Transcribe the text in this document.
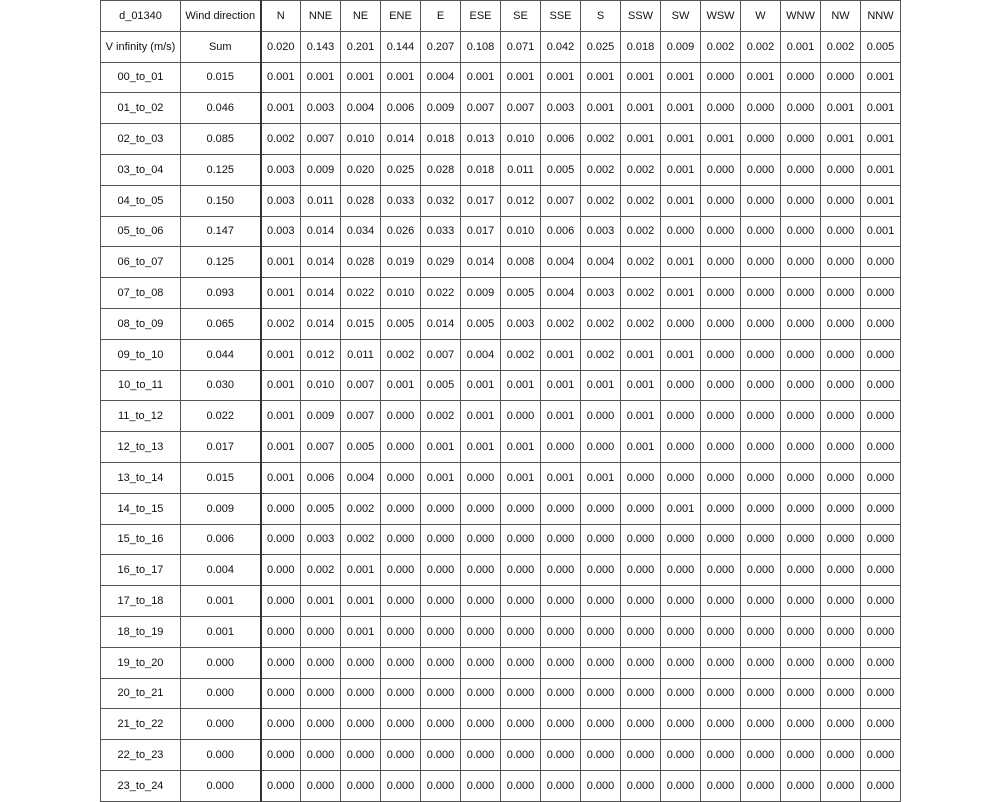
d_01340	Wind direction	N	NNE	NE	ENE	E	ESE	SE	SSE	S	SSW	SW	WSW	W	WNW	NW	NNW
V infinity (m/s)	Sum	0.020	0.143	0.201	0.144	0.207	0.108	0.071	0.042	0.025	0.018	0.009	0.002	0.002	0.001	0.002	0.005
00_to_01	0.015	0.001	0.001	0.001	0.001	0.004	0.001	0.001	0.001	0.001	0.001	0.001	0.000	0.001	0.000	0.000	0.001
01_to_02	0.046	0.001	0.003	0.004	0.006	0.009	0.007	0.007	0.003	0.001	0.001	0.001	0.000	0.000	0.000	0.001	0.001
02_to_03	0.085	0.002	0.007	0.010	0.014	0.018	0.013	0.010	0.006	0.002	0.001	0.001	0.001	0.000	0.000	0.001	0.001
03_to_04	0.125	0.003	0.009	0.020	0.025	0.028	0.018	0.011	0.005	0.002	0.002	0.001	0.000	0.000	0.000	0.000	0.001
04_to_05	0.150	0.003	0.011	0.028	0.033	0.032	0.017	0.012	0.007	0.002	0.002	0.001	0.000	0.000	0.000	0.000	0.001
05_to_06	0.147	0.003	0.014	0.034	0.026	0.033	0.017	0.010	0.006	0.003	0.002	0.000	0.000	0.000	0.000	0.000	0.001
06_to_07	0.125	0.001	0.014	0.028	0.019	0.029	0.014	0.008	0.004	0.004	0.002	0.001	0.000	0.000	0.000	0.000	0.000
07_to_08	0.093	0.001	0.014	0.022	0.010	0.022	0.009	0.005	0.004	0.003	0.002	0.001	0.000	0.000	0.000	0.000	0.000
08_to_09	0.065	0.002	0.014	0.015	0.005	0.014	0.005	0.003	0.002	0.002	0.002	0.000	0.000	0.000	0.000	0.000	0.000
09_to_10	0.044	0.001	0.012	0.011	0.002	0.007	0.004	0.002	0.001	0.002	0.001	0.001	0.000	0.000	0.000	0.000	0.000
10_to_11	0.030	0.001	0.010	0.007	0.001	0.005	0.001	0.001	0.001	0.001	0.001	0.000	0.000	0.000	0.000	0.000	0.000
11_to_12	0.022	0.001	0.009	0.007	0.000	0.002	0.001	0.000	0.001	0.000	0.001	0.000	0.000	0.000	0.000	0.000	0.000
12_to_13	0.017	0.001	0.007	0.005	0.000	0.001	0.001	0.001	0.000	0.000	0.001	0.000	0.000	0.000	0.000	0.000	0.000
13_to_14	0.015	0.001	0.006	0.004	0.000	0.001	0.000	0.001	0.001	0.001	0.000	0.000	0.000	0.000	0.000	0.000	0.000
14_to_15	0.009	0.000	0.005	0.002	0.000	0.000	0.000	0.000	0.000	0.000	0.000	0.001	0.000	0.000	0.000	0.000	0.000
15_to_16	0.006	0.000	0.003	0.002	0.000	0.000	0.000	0.000	0.000	0.000	0.000	0.000	0.000	0.000	0.000	0.000	0.000
16_to_17	0.004	0.000	0.002	0.001	0.000	0.000	0.000	0.000	0.000	0.000	0.000	0.000	0.000	0.000	0.000	0.000	0.000
17_to_18	0.001	0.000	0.001	0.001	0.000	0.000	0.000	0.000	0.000	0.000	0.000	0.000	0.000	0.000	0.000	0.000	0.000
18_to_19	0.001	0.000	0.000	0.001	0.000	0.000	0.000	0.000	0.000	0.000	0.000	0.000	0.000	0.000	0.000	0.000	0.000
19_to_20	0.000	0.000	0.000	0.000	0.000	0.000	0.000	0.000	0.000	0.000	0.000	0.000	0.000	0.000	0.000	0.000	0.000
20_to_21	0.000	0.000	0.000	0.000	0.000	0.000	0.000	0.000	0.000	0.000	0.000	0.000	0.000	0.000	0.000	0.000	0.000
21_to_22	0.000	0.000	0.000	0.000	0.000	0.000	0.000	0.000	0.000	0.000	0.000	0.000	0.000	0.000	0.000	0.000	0.000
22_to_23	0.000	0.000	0.000	0.000	0.000	0.000	0.000	0.000	0.000	0.000	0.000	0.000	0.000	0.000	0.000	0.000	0.000
23_to_24	0.000	0.000	0.000	0.000	0.000	0.000	0.000	0.000	0.000	0.000	0.000	0.000	0.000	0.000	0.000	0.000	0.000
